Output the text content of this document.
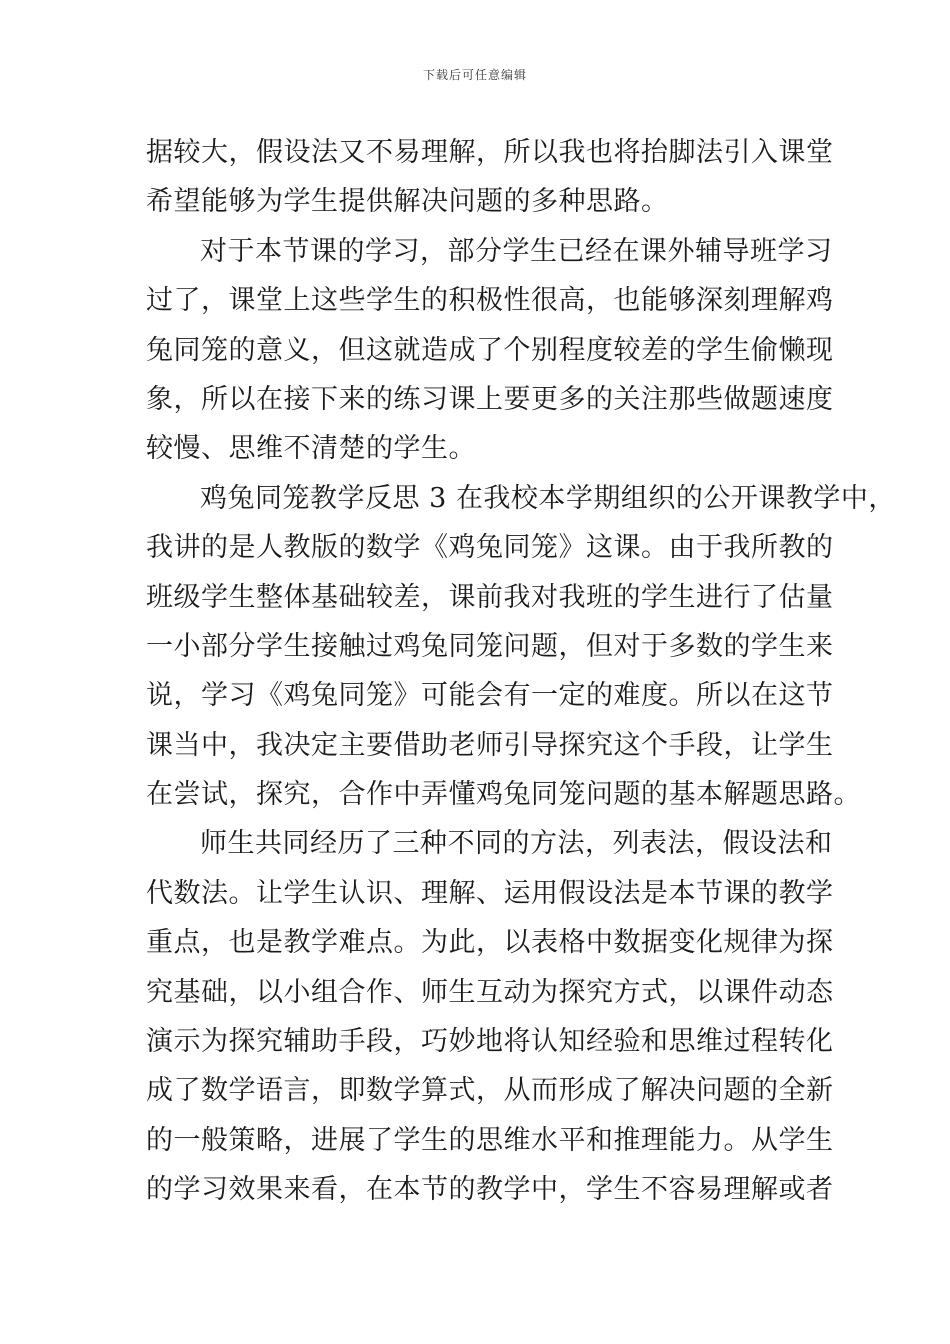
下载后可任意编辑
据较大，假设法又不易理解，所以我也将抬脚法引入课堂
希望能够为学生提供解决问题的多种思路。
对于本节课的学习，部分学生已经在课外辅导班学习
过了，课堂上这些学生的积极性很高，也能够深刻理解鸡
兔同笼的意义，但这就造成了个别程度较差的学生偷懒现
象，所以在接下来的练习课上要更多的关注那些做题速度
较慢、思维不清楚的学生。
鸡兔同笼教学反思 3 在我校本学期组织的公开课教学中，
我讲的是人教版的数学《鸡兔同笼》这课。由于我所教的
班级学生整体基础较差，课前我对我班的学生进行了估量
一小部分学生接触过鸡兔同笼问题，但对于多数的学生来
说，学习《鸡兔同笼》可能会有一定的难度。所以在这节
课当中，我决定主要借助老师引导探究这个手段，让学生
在尝试，探究，合作中弄懂鸡兔同笼问题的基本解题思路。
师生共同经历了三种不同的方法，列表法，假设法和
代数法。让学生认识、理解、运用假设法是本节课的教学
重点，也是教学难点。为此，以表格中数据变化规律为探
究基础，以小组合作、师生互动为探究方式，以课件动态
演示为探究辅助手段，巧妙地将认知经验和思维过程转化
成了数学语言，即数学算式，从而形成了解决问题的全新
的一般策略，进展了学生的思维水平和推理能力。从学生
的学习效果来看，在本节的教学中，学生不容易理解或者
